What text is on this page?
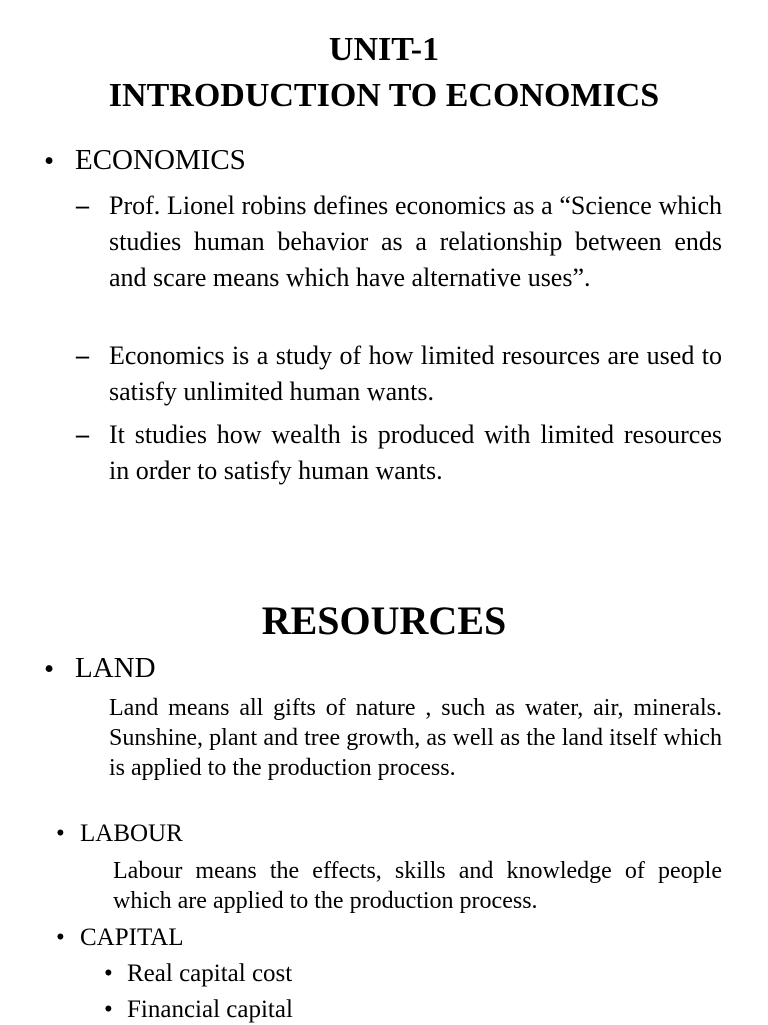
UNIT-1
INTRODUCTION TO ECONOMICS
• ECONOMICS
– Prof. Lionel robins defines economics as a “Science which studies human behavior as a relationship between ends and scare means which have alternative uses”.
– Economics is a study of how limited resources are used to satisfy unlimited human wants.
– It studies how wealth is produced with limited resources in order to satisfy human wants.
RESOURCES
• LAND
Land means all gifts of nature , such as water, air, minerals. Sunshine, plant and tree growth, as well as the land itself which is applied to the production process.
• LABOUR
Labour means the effects, skills and knowledge of people which are applied to the production process.
• CAPITAL
• Real capital cost
• Financial capital
